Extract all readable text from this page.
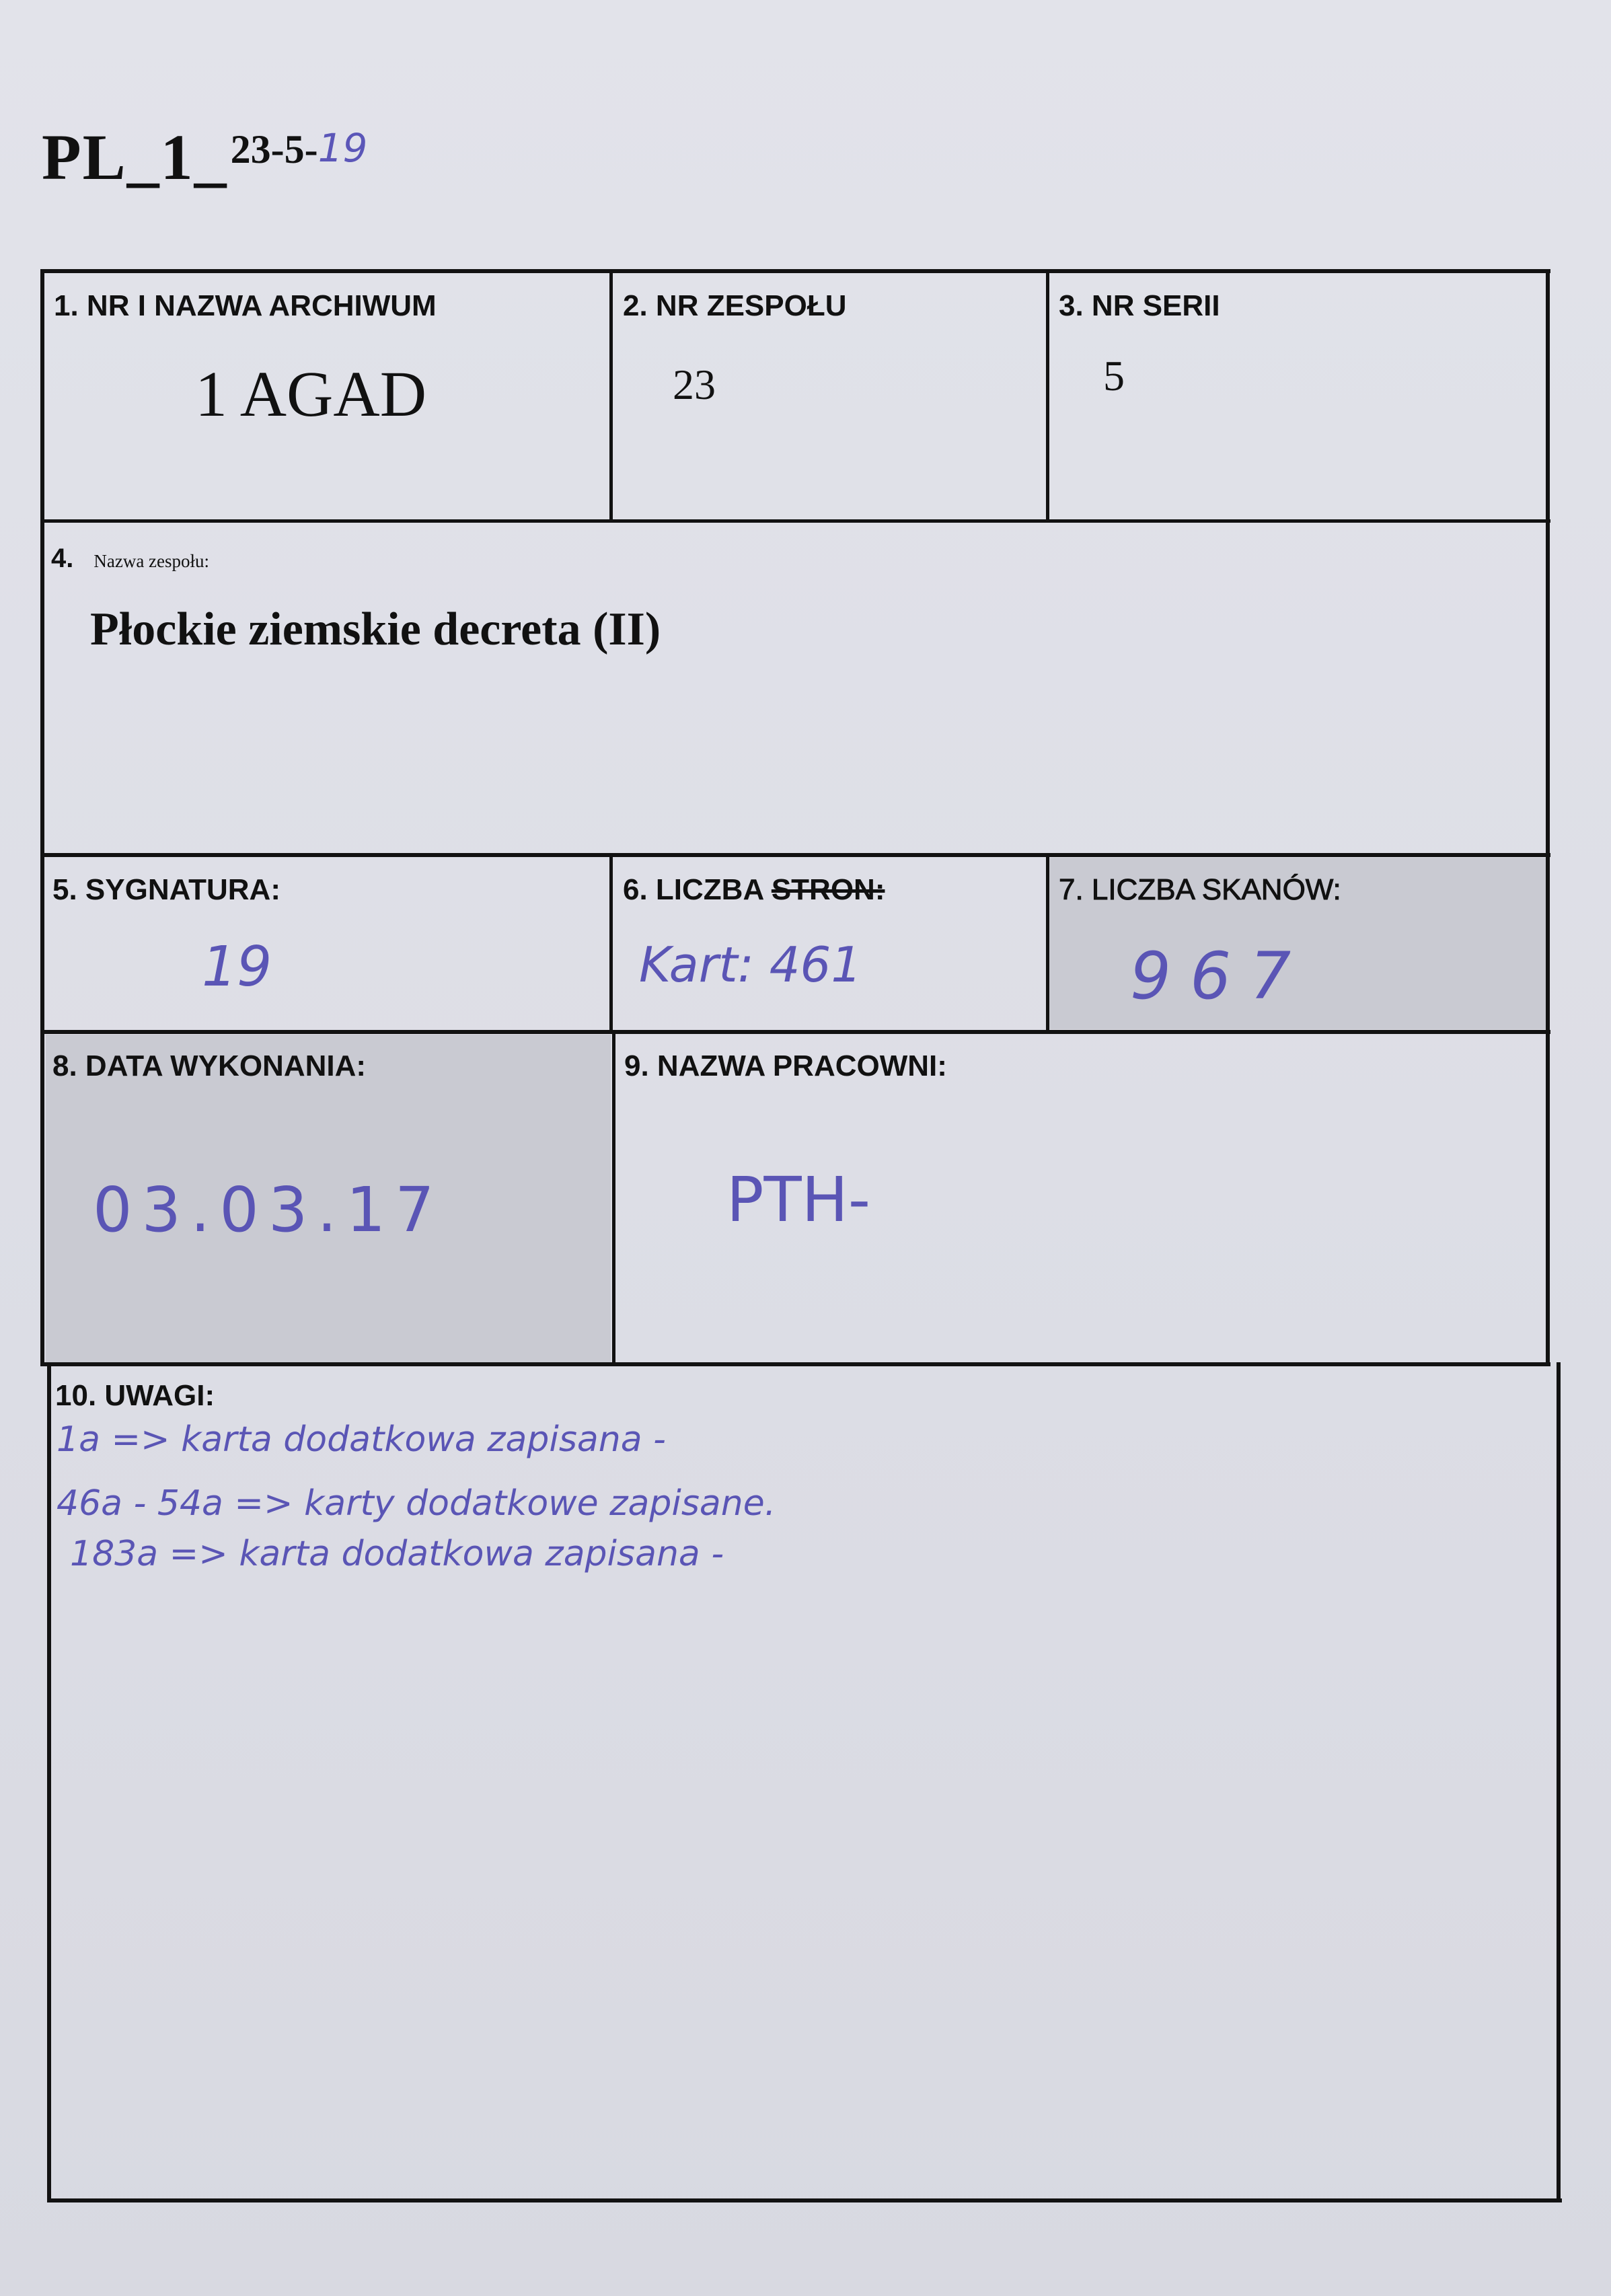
PL_1_23-5-19
1. NR I NAZWA ARCHIWUM
1 AGAD
2. NR ZESPOŁU
23
3. NR SERII
5
4. Nazwa zespołu:
Płockie ziemskie decreta (II)
5. SYGNATURA:
19
6. LICZBA STRON:
Kart: 461
7. LICZBA SKANÓW:
967
8. DATA WYKONANIA:
03.03.17
9. NAZWA PRACOWNI:
PTH-
10. UWAGI:
1a => karta dodatkowa zapisana -
46a - 54a => karty dodatkowe zapisane.
183a => karta dodatkowa zapisana -
